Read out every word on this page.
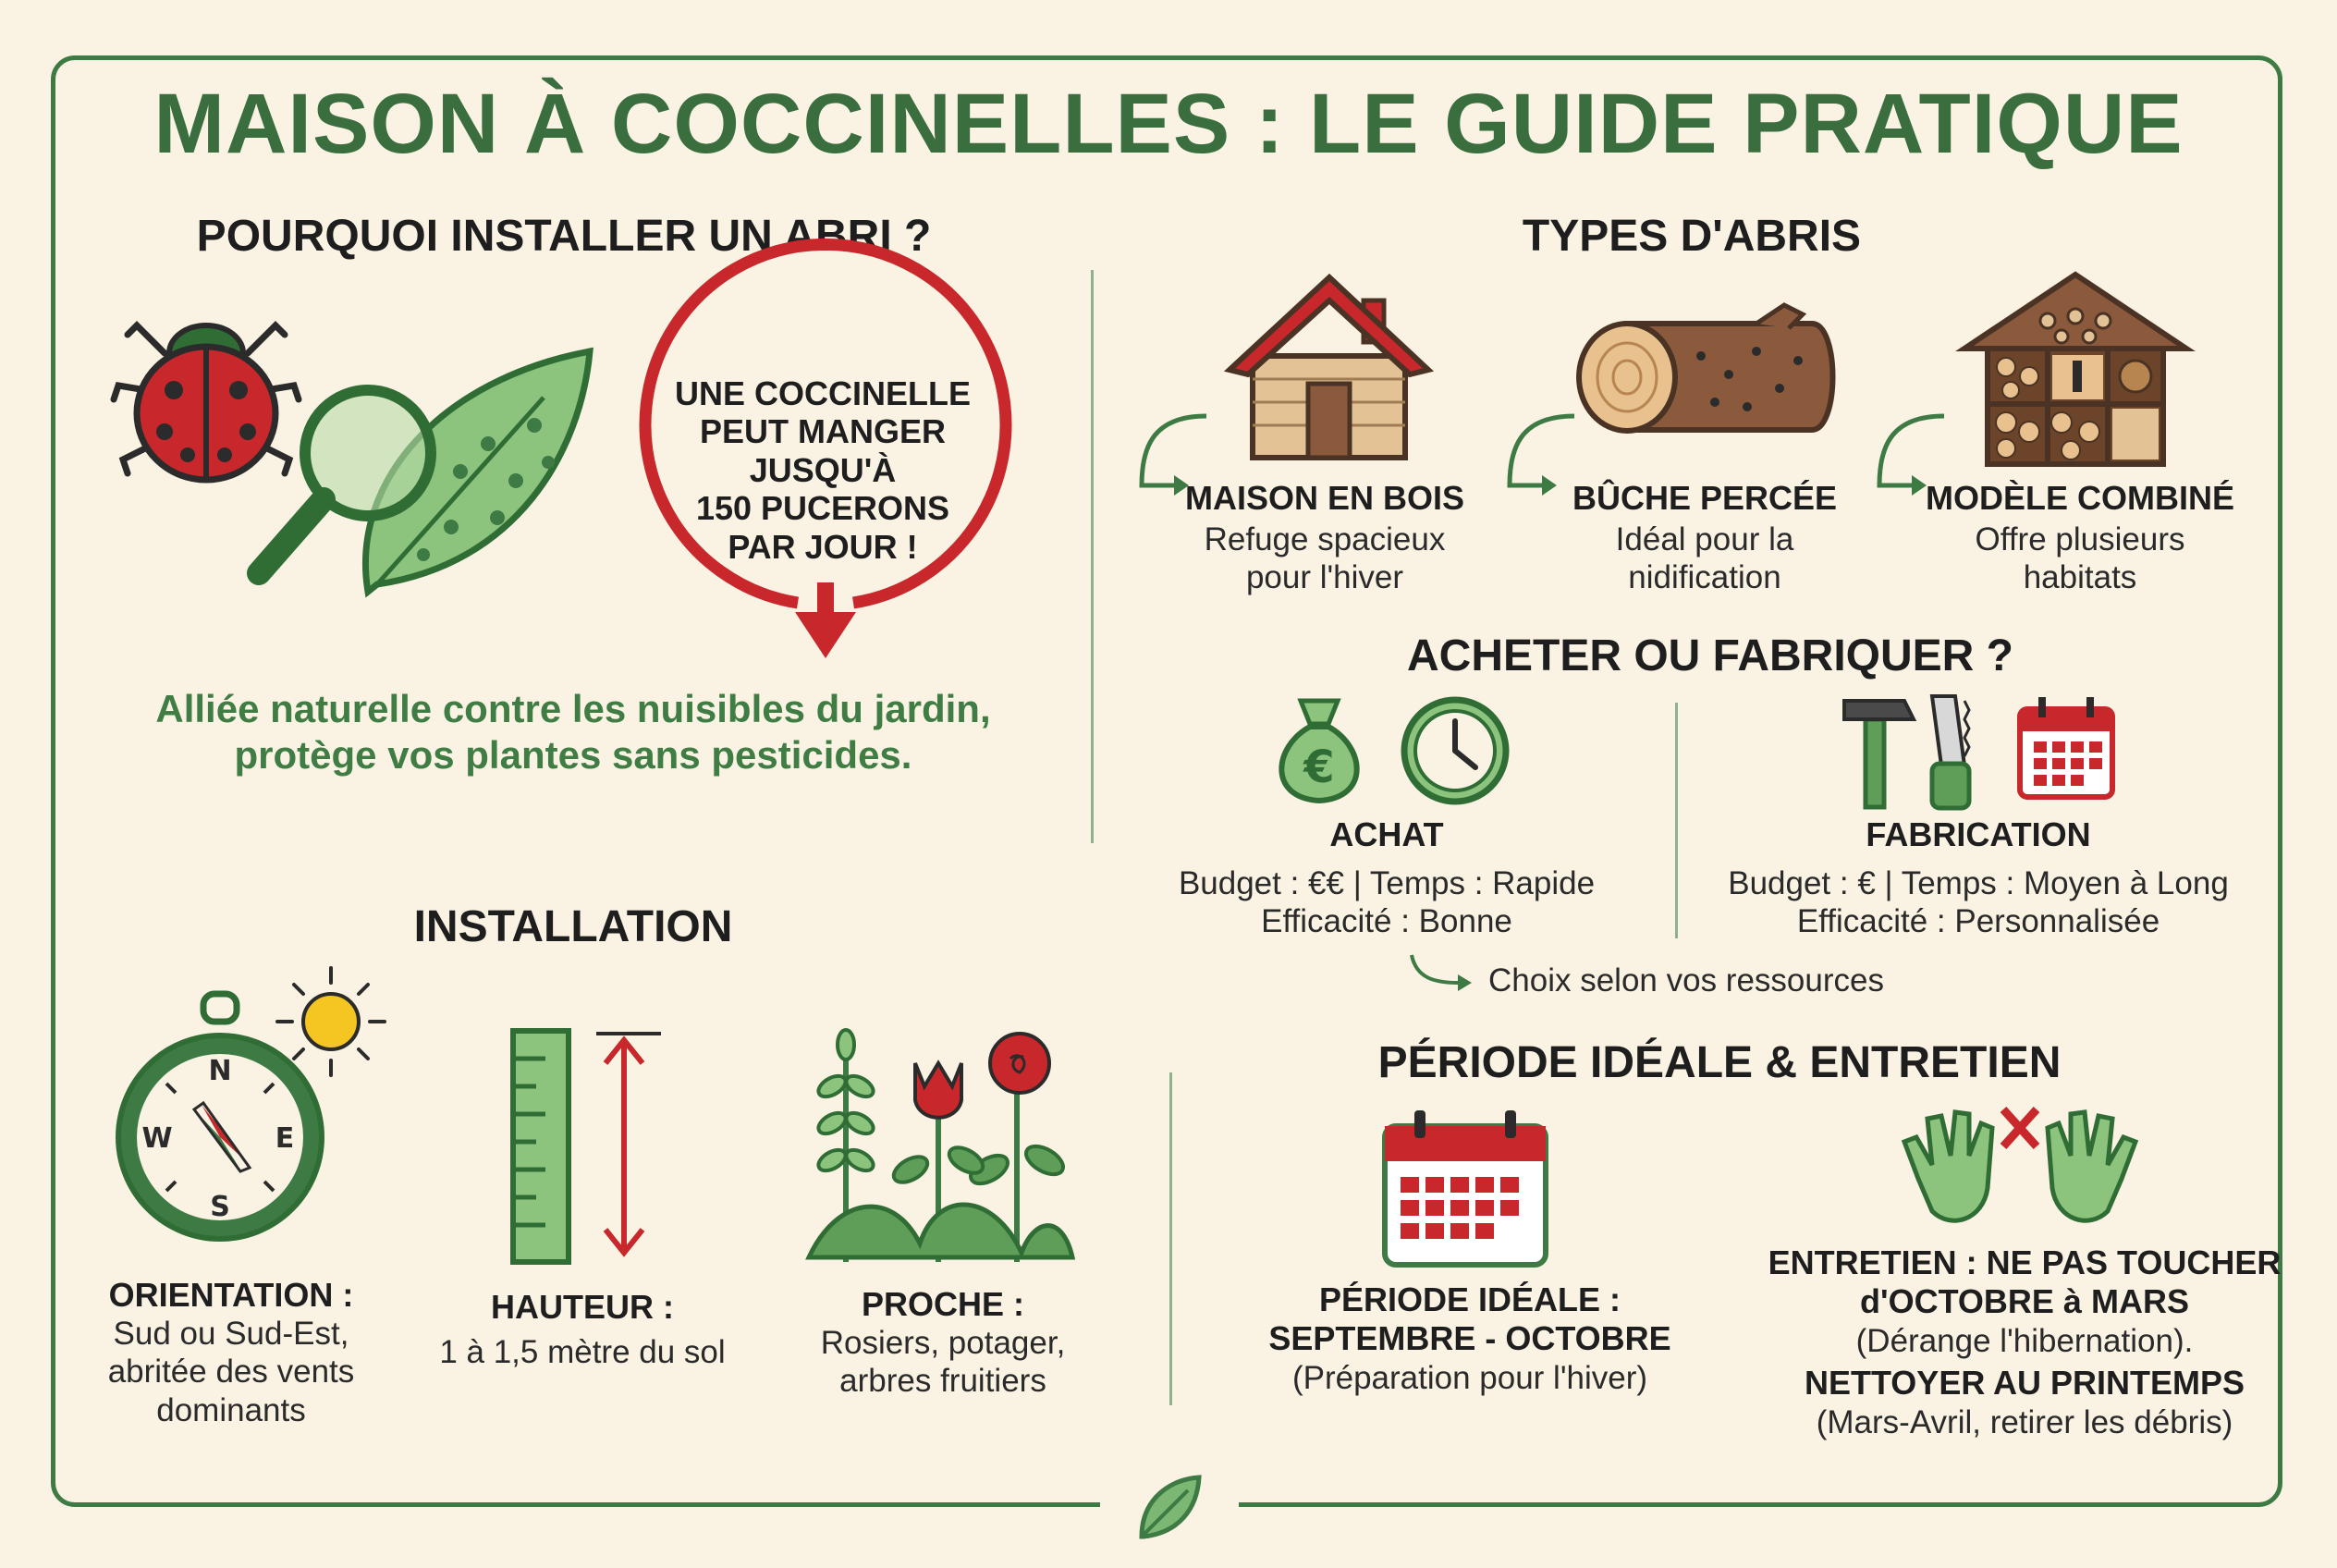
MAISON À COCCINELLES : LE GUIDE PRATIQUE
POURQUOI INSTALLER UN ABRI ?
UNE COCCINELLE
PEUT MANGER
JUSQU'À
150 PUCERONS
PAR JOUR !
Alliée naturelle contre les nuisibles du jardin,
protège vos plantes sans pesticides.
TYPES D'ABRIS
MAISON EN BOIS
Refuge spacieux
pour l'hiver
BÛCHE PERCÉE
Idéal pour la
nidification
MODÈLE COMBINÉ
Offre plusieurs
habitats
ACHETER OU FABRIQUER ?
€
ACHAT
Budget : €€ | Temps : Rapide
Efficacité : Bonne
FABRICATION
Budget : € | Temps : Moyen à Long
Efficacité : Personnalisée
Choix selon vos ressources
INSTALLATION
N
S
E
W
ORIENTATION :
Sud ou Sud-Est,
abritée des vents
dominants
HAUTEUR :
1 à 1,5 mètre du sol
PROCHE :
Rosiers, potager,
arbres fruitiers
PÉRIODE IDÉALE & ENTRETIEN
PÉRIODE IDÉALE :
SEPTEMBRE - OCTOBRE
(Préparation pour l'hiver)
ENTRETIEN : NE PAS TOUCHER
d'OCTOBRE à MARS
(Dérange l'hibernation).
NETTOYER AU PRINTEMPS
(Mars-Avril, retirer les débris)
